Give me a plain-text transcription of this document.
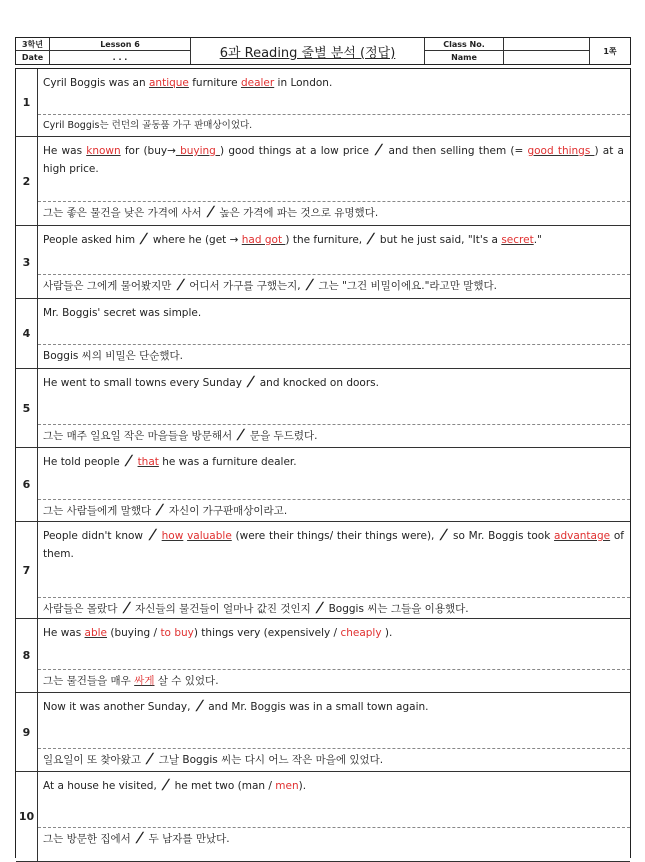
3학년
Date
Lesson 6
. . .	6과 Reading 줄별 분석 (정답)
Class No.
Name
1쪽
1
Cyril Boggis was an antique furniture dealer in London.
Cyril Boggis는 런던의 골동품 가구 판매상이었다.
2
He was known for (buy→ buying ) good things at a low price / and then selling them (= good things ) at a high price.
그는 좋은 물건을 낮은 가격에 사서 / 높은 가격에 파는 것으로 유명했다.
3
People asked him / where he (get → had got ) the furniture, / but he just said, "It's a secret."
사람들은 그에게 물어봤지만 / 어디서 가구를 구했는지, / 그는 "그건 비밀이에요."라고만 말했다.
4
Mr. Boggis' secret was simple.
Boggis 씨의 비밀은 단순했다.
5
He went to small towns every Sunday / and knocked on doors.
그는 매주 일요일 작은 마을들을 방문해서 / 문을 두드렸다.
6
He told people / that he was a furniture dealer.
그는 사람들에게 말했다 / 자신이 가구판매상이라고.
7
People didn't know / how valuable (were their things/ their things were), / so Mr. Boggis took advantage of them.
사람들은 몰랐다 / 자신들의 물건들이 얼마나 값진 것인지 / Boggis 씨는 그들을 이용했다.
8
He was able (buying / to buy) things very (expensively / cheaply ).
그는 물건들을 매우 싸게 살 수 있었다.
9
Now it was another Sunday, / and Mr. Boggis was in a small town again.
일요일이 또 찾아왔고 / 그날 Boggis 씨는 다시 어느 작은 마을에 있었다.
10
At a house he visited, / he met two (man / men).
그는 방문한 집에서 / 두 남자를 만났다.
